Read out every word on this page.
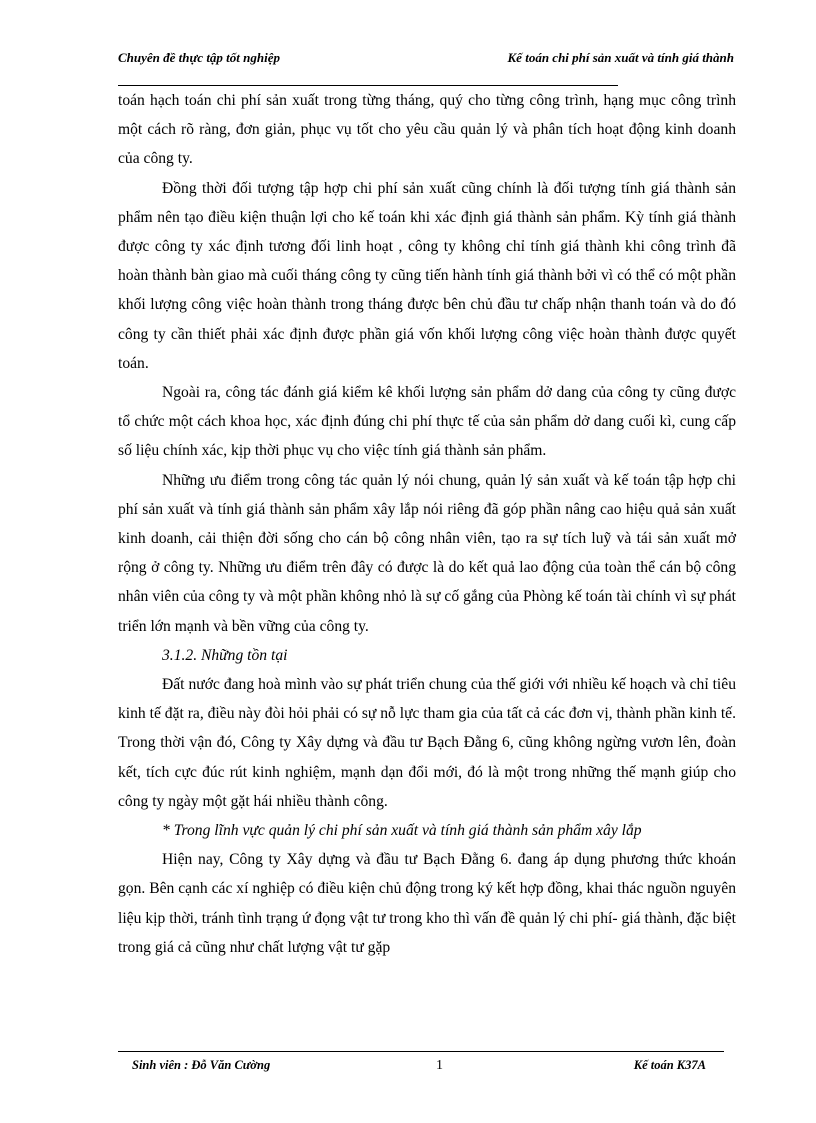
Chuyên đề thực tập tốt nghiệp	Kế toán chi phí sản xuất và tính giá thành

toán hạch toán chi phí sản xuất trong từng tháng, quý cho từng công trình, hạng mục công trình một cách rõ ràng, đơn giản, phục vụ tốt cho yêu cầu quản lý và phân tích hoạt động kinh doanh của công ty.

Đồng thời đối tượng tập hợp chi phí sản xuất cũng chính là đối tượng tính giá thành sản phẩm nên tạo điều kiện thuận lợi cho kế toán khi xác định giá thành sản phẩm. Kỳ tính giá thành được công ty xác định tương đối linh hoạt , công ty không chỉ tính giá thành khi công trình đã hoàn thành bàn giao mà cuối tháng công ty cũng tiến hành tính giá thành bởi vì có thể có một phần khối lượng công việc hoàn thành trong tháng được bên chủ đầu tư chấp nhận thanh toán và do đó công ty cần thiết phải xác định được phần giá vốn khối lượng công việc hoàn thành được quyết toán.

Ngoài ra, công tác đánh giá kiểm kê khối lượng sản phẩm dở dang của công ty cũng được tổ chức một cách khoa học, xác định đúng chi phí thực tế của sản phẩm dở dang cuối kì, cung cấp số liệu chính xác, kịp thời phục vụ cho việc tính giá thành sản phẩm.

Những ưu điểm trong công tác quản lý nói chung, quản lý sản xuất và kế toán tập hợp chi phí sản xuất và tính giá thành sản phẩm xây lắp nói riêng đã góp phần nâng cao hiệu quả sản xuất kinh doanh, cải thiện đời sống cho cán bộ công nhân viên, tạo ra sự tích luỹ và tái sản xuất mở rộng ở công ty. Những ưu điểm trên đây có được là do kết quả lao động của toàn thể cán bộ công nhân viên của công ty và một phần không nhỏ là sự cố gắng của Phòng kế toán tài chính vì sự phát triển lớn mạnh và bền vững của công ty.

3.1.2. Những tồn tại

Đất nước đang hoà mình vào sự phát triển chung của thế giới với nhiều kế hoạch và chỉ tiêu kinh tế đặt ra, điều này đòi hỏi phải có sự nỗ lực tham gia của tất cả các đơn vị, thành phần kinh tế. Trong thời vận đó, Công ty Xây dựng và đầu tư Bạch Đằng 6, cũng không ngừng vươn lên, đoàn kết, tích cực đúc rút kinh nghiệm, mạnh dạn đổi mới, đó là một trong những thế mạnh giúp cho công ty ngày một gặt hái nhiều thành công.

* Trong lĩnh vực quản lý chi phí sản xuất và tính giá thành sản phẩm xây lắp

Hiện nay, Công ty Xây dựng và đầu tư Bạch Đằng 6. đang áp dụng phương thức khoán gọn. Bên cạnh các xí nghiệp có điều kiện chủ động trong ký kết hợp đồng, khai thác nguồn nguyên liệu kịp thời, tránh tình trạng ứ đọng vật tư trong kho thì vấn đề quản lý chi phí- giá thành, đặc biệt trong giá cả cũng như chất lượng vật tư gặp

Sinh viên : Đỗ Văn Cường	1	Kế toán K37A
